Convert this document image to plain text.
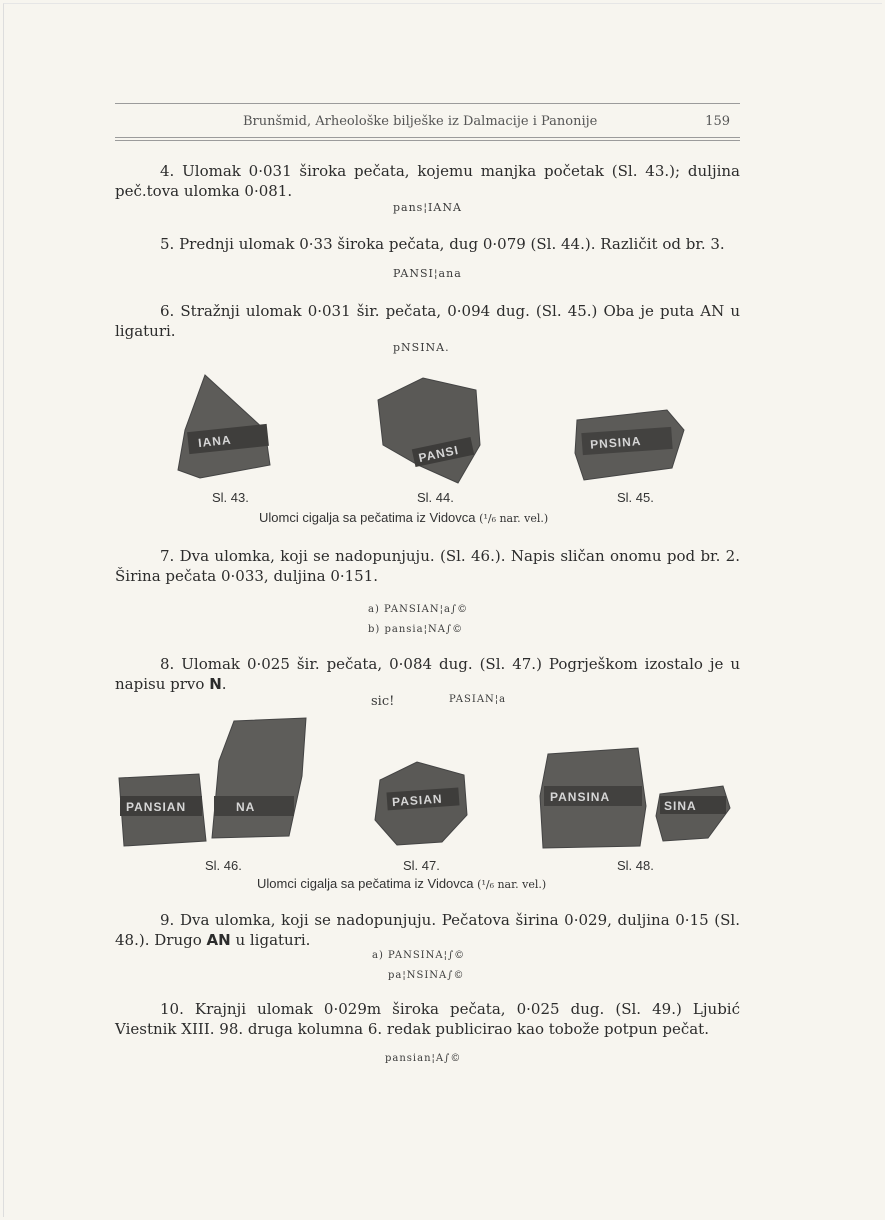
Brunšmid, Arheološke bilješke iz Dalmacije i Panonije	159
4. Ulomak 0·031 široka pečata, kojemu manjka početak (Sl. 43.); duljina peč.tova ulomka 0·081.
pans¦IANA
5. Prednji ulomak 0·33 široka pečata, dug 0·079 (Sl. 44.). Različit od br. 3.
PANSI¦ana
6. Stražnji ulomak 0·031 šir. pečata, 0·094 dug. (Sl. 45.) Oba je puta AN u ligaturi.
pNSINA.
IANA
PANSI
PNSINA
Sl. 43.	Sl. 44.	Sl. 45.
Ulomci cigalja sa pečatima iz Vidovca (¹/₆ nar. vel.)
7. Dva ulomka, koji se nadopunjuju. (Sl. 46.). Napis sličan onomu pod br. 2. Širina pečata 0·033, duljina 0·151.
a) PANSIAN¦a∫©
b) pansia¦NA∫©
8. Ulomak 0·025 šir. pečata, 0·084 dug. (Sl. 47.) Pogrješkom izostalo je u napisu prvo N.
sic!	PASIAN¦a
PANSIAN	NA	PASIAN	PANSINA
SINA
Sl. 46.	Sl. 47.	Sl. 48.
Ulomci cigalja sa pečatima iz Vidovca (¹/₆ nar. vel.)
9. Dva ulomka, koji se nadopunjuju. Pečatova širina 0·029, duljina 0·15 (Sl. 48.). Drugo AN u ligaturi.
a) PANSINA¦∫©
pa¦NSINA∫©
10. Krajnji ulomak 0·029m široka pečata, 0·025 dug. (Sl. 49.) Ljubić Viestnik XIII. 98. druga kolumna 6. redak publicirao kao tobože potpun pečat.
pansian¦A∫©
